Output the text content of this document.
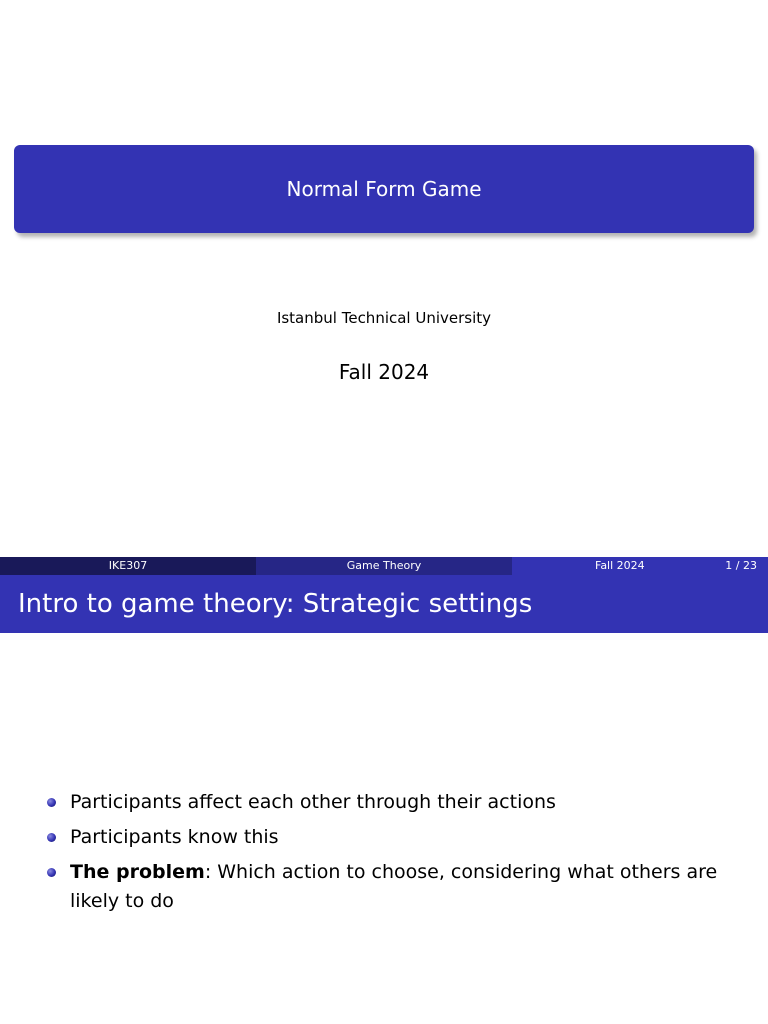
Normal Form Game
Istanbul Technical University
Fall 2024
IKE307	Game Theory	Fall 2024	1 / 23
Intro to game theory: Strategic settings
Participants affect each other through their actions
Participants know this
The problem: Which action to choose, considering what others are likely to do
